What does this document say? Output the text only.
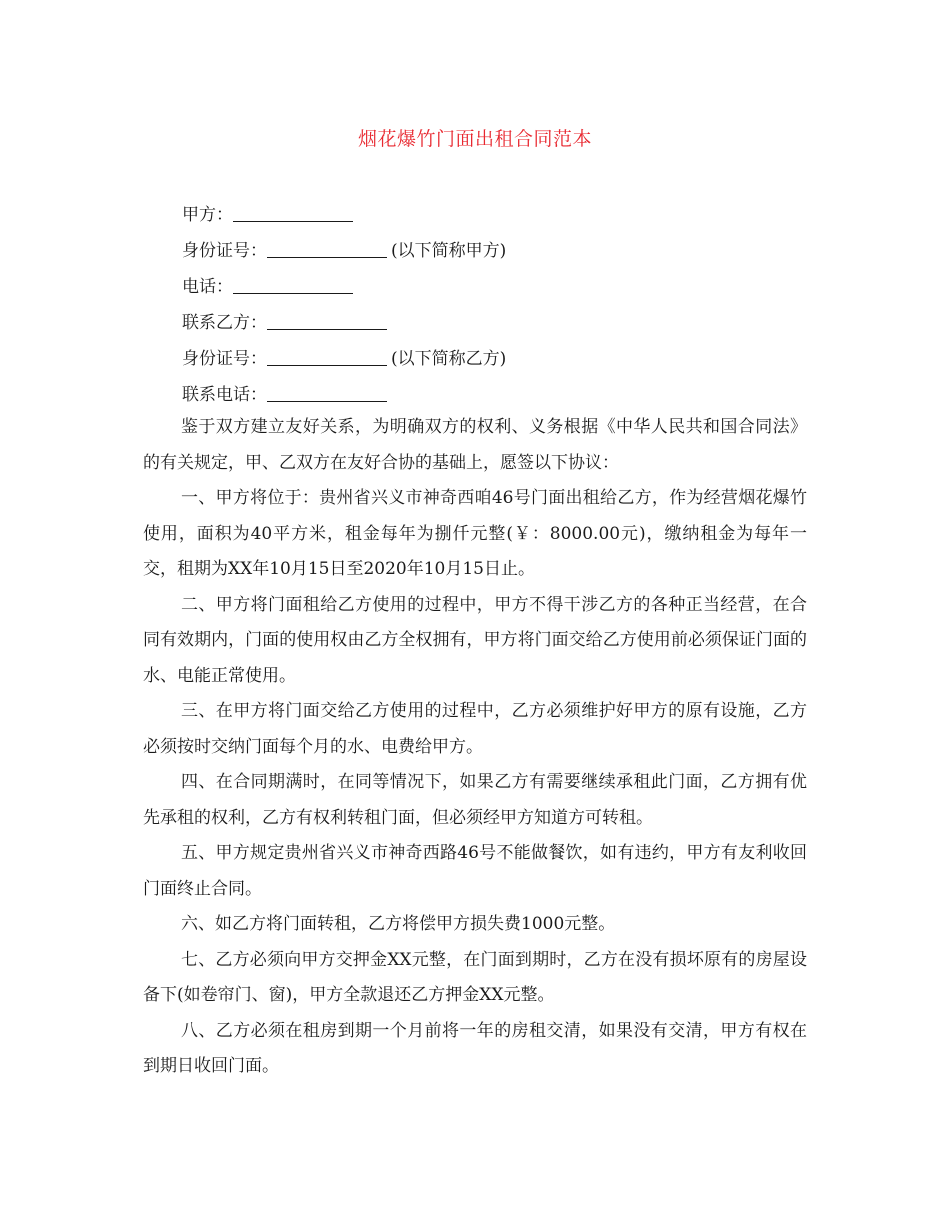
烟花爆竹门面出租合同范本
甲方：
身份证号：	(以下简称甲方)
电话：
联系乙方：
身份证号：	(以下简称乙方)
联系电话：

鉴于双方建立友好关系，为明确双方的权利、义务根据《中华人民共和国合同法》的有关规定，甲、乙双方在友好合协的基础上，愿签以下协议：

一、甲方将位于：贵州省兴义市神奇西咱46号门面出租给乙方，作为经营烟花爆竹使用，面积为40平方米，租金每年为捌仟元整(￥：8000.00元)，缴纳租金为每年一交，租期为XX年10月15日至2020年10月15日止。

二、甲方将门面租给乙方使用的过程中，甲方不得干涉乙方的各种正当经营，在合同有效期内，门面的使用权由乙方全权拥有，甲方将门面交给乙方使用前必须保证门面的水、电能正常使用。

三、在甲方将门面交给乙方使用的过程中，乙方必须维护好甲方的原有设施，乙方必须按时交纳门面每个月的水、电费给甲方。

四、在合同期满时，在同等情况下，如果乙方有需要继续承租此门面，乙方拥有优先承租的权利，乙方有权利转租门面，但必须经甲方知道方可转租。

五、甲方规定贵州省兴义市神奇西路46号不能做餐饮，如有违约，甲方有友利收回门面终止合同。

六、如乙方将门面转租，乙方将偿甲方损失费1000元整。

七、乙方必须向甲方交押金XX元整，在门面到期时，乙方在没有损坏原有的房屋设备下(如卷帘门、窗)，甲方全款退还乙方押金XX元整。

八、乙方必须在租房到期一个月前将一年的房租交清，如果没有交清，甲方有权在到期日收回门面。
